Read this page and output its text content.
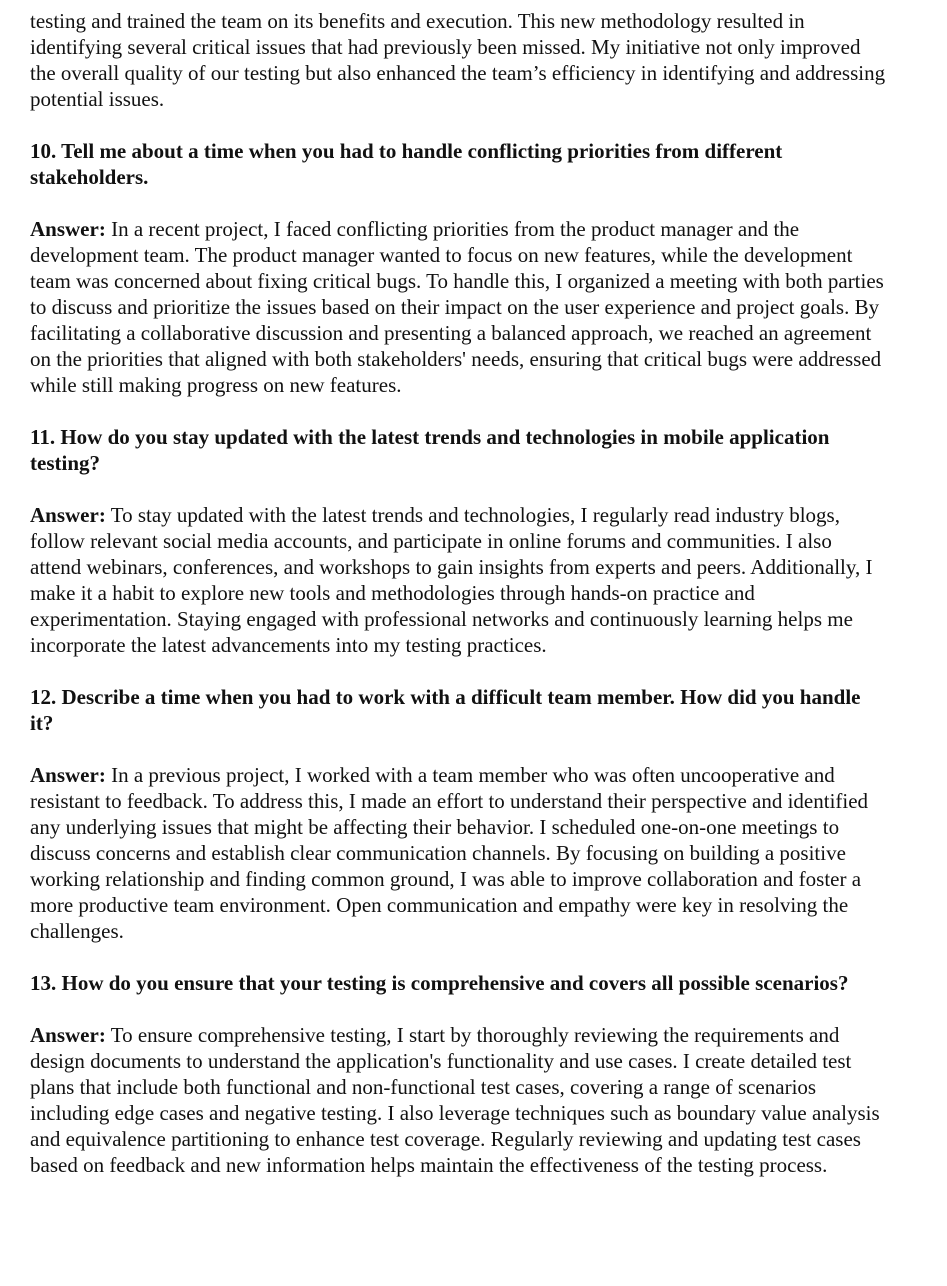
testing and trained the team on its benefits and execution. This new methodology resulted in identifying several critical issues that had previously been missed. My initiative not only improved the overall quality of our testing but also enhanced the team’s efficiency in identifying and addressing potential issues.

10. Tell me about a time when you had to handle conflicting priorities from different stakeholders.

Answer: In a recent project, I faced conflicting priorities from the product manager and the development team. The product manager wanted to focus on new features, while the development team was concerned about fixing critical bugs. To handle this, I organized a meeting with both parties to discuss and prioritize the issues based on their impact on the user experience and project goals. By facilitating a collaborative discussion and presenting a balanced approach, we reached an agreement on the priorities that aligned with both stakeholders' needs, ensuring that critical bugs were addressed while still making progress on new features.

11. How do you stay updated with the latest trends and technologies in mobile application testing?

Answer: To stay updated with the latest trends and technologies, I regularly read industry blogs, follow relevant social media accounts, and participate in online forums and communities. I also attend webinars, conferences, and workshops to gain insights from experts and peers. Additionally, I make it a habit to explore new tools and methodologies through hands-on practice and experimentation. Staying engaged with professional networks and continuously learning helps me incorporate the latest advancements into my testing practices.

12. Describe a time when you had to work with a difficult team member. How did you handle it?

Answer: In a previous project, I worked with a team member who was often uncooperative and resistant to feedback. To address this, I made an effort to understand their perspective and identified any underlying issues that might be affecting their behavior. I scheduled one-on-one meetings to discuss concerns and establish clear communication channels. By focusing on building a positive working relationship and finding common ground, I was able to improve collaboration and foster a more productive team environment. Open communication and empathy were key in resolving the challenges.

13. How do you ensure that your testing is comprehensive and covers all possible scenarios?

Answer: To ensure comprehensive testing, I start by thoroughly reviewing the requirements and design documents to understand the application's functionality and use cases. I create detailed test plans that include both functional and non-functional test cases, covering a range of scenarios including edge cases and negative testing. I also leverage techniques such as boundary value analysis and equivalence partitioning to enhance test coverage. Regularly reviewing and updating test cases based on feedback and new information helps maintain the effectiveness of the testing process.
